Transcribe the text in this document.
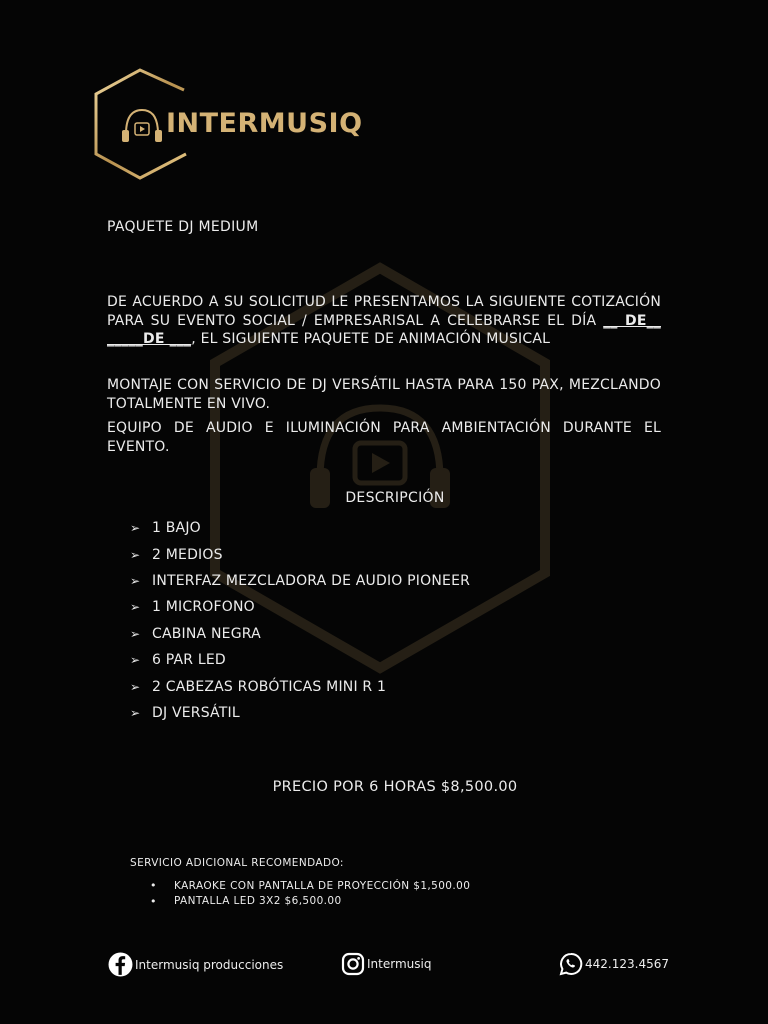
INTERMUSIQ
PAQUETE DJ MEDIUM
DE ACUERDO A SU SOLICITUD LE PRESENTAMOS LA SIGUIENTE COTIZACIÓN PARA SU EVENTO SOCIAL / EMPRESARISAL A CELEBRARSE EL DÍA __ DE__ _____DE ___, EL SIGUIENTE PAQUETE DE ANIMACIÓN MUSICAL
MONTAJE CON SERVICIO DE DJ VERSÁTIL HASTA PARA 150 PAX, MEZCLANDO TOTALMENTE EN VIVO.
EQUIPO DE AUDIO E ILUMINACIÓN PARA AMBIENTACIÓN DURANTE EL EVENTO.
DESCRIPCIÓN
➢ 1 BAJO
➢ 2 MEDIOS
➢ INTERFAZ MEZCLADORA DE AUDIO PIONEER
➢ 1 MICROFONO
➢ CABINA NEGRA
➢ 6 PAR LED
➢ 2 CABEZAS ROBÓTICAS MINI R 1
➢ DJ VERSÁTIL
PRECIO POR 6 HORAS $8,500.00
SERVICIO ADICIONAL RECOMENDADO:
•	KARAOKE CON PANTALLA DE PROYECCIÓN $1,500.00
•	PANTALLA LED 3X2 $6,500.00
Intermusiq producciones	Intermusiq	442.123.4567
